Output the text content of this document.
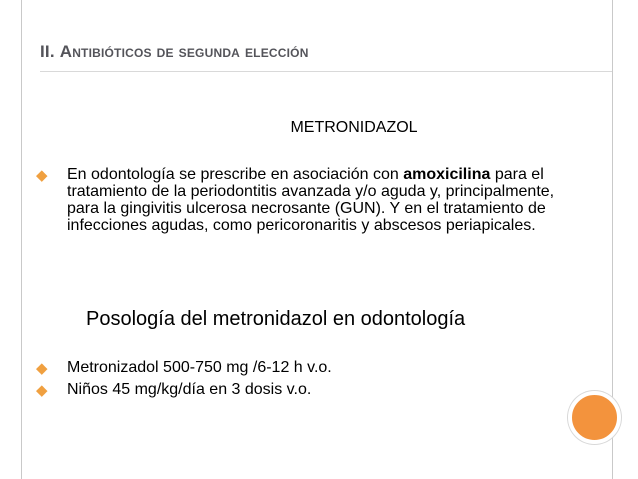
II. Antibióticos de segunda elección
METRONIDAZOL
◆	En odontología se prescribe en asociación con amoxicilina para el tratamiento de la periodontitis avanzada y/o aguda y, principalmente, para la gingivitis ulcerosa necrosante (GUN). Y en el tratamiento de infecciones agudas, como pericoronaritis y abscesos periapicales.
Posología del metronidazol en odontología
◆	Metronizadol 500-750 mg /6-12 h v.o.
◆	Niños 45 mg/kg/día en 3 dosis v.o.
